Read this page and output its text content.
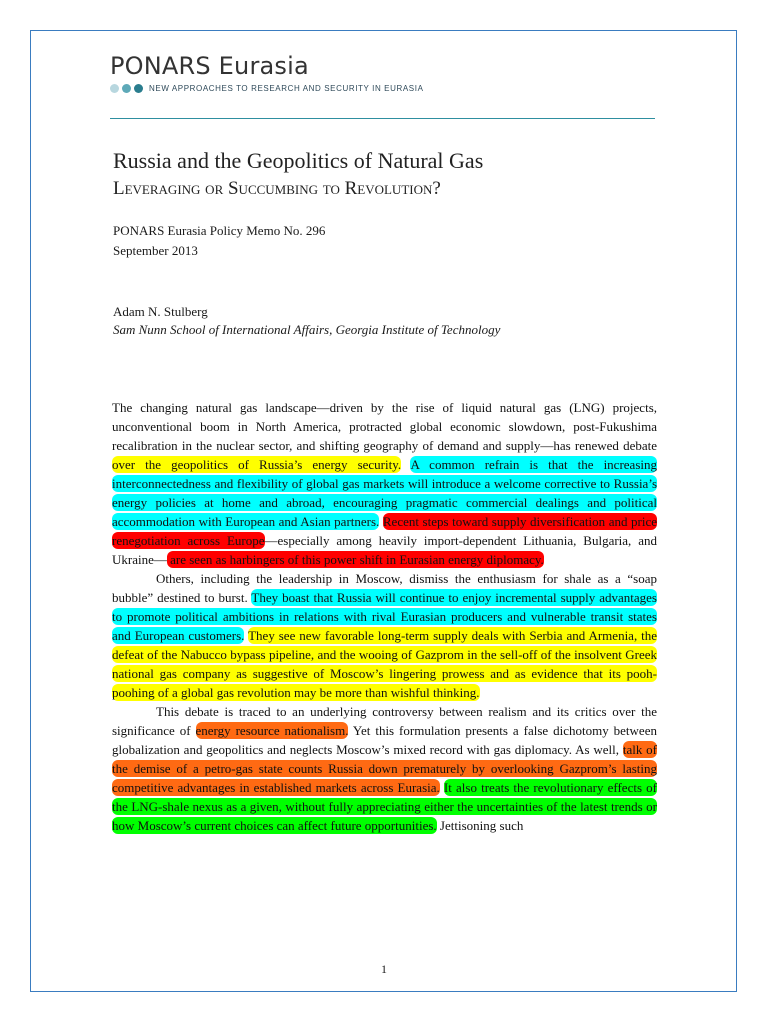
PONARS Eurasia
NEW APPROACHES TO RESEARCH AND SECURITY IN EURASIA
Russia and the Geopolitics of Natural Gas
Leveraging or Succumbing to Revolution?
PONARS Eurasia Policy Memo No. 296
September 2013
Adam N. Stulberg
Sam Nunn School of International Affairs, Georgia Institute of Technology

The changing natural gas landscape—driven by the rise of liquid natural gas (LNG) projects, unconventional boom in North America, protracted global economic slowdown, post-Fukushima recalibration in the nuclear sector, and shifting geography of demand and supply—has renewed debate over the geopolitics of Russia’s energy security. A common refrain is that the increasing interconnectedness and flexibility of global gas markets will introduce a welcome corrective to Russia’s energy policies at home and abroad, encouraging pragmatic commercial dealings and political accommodation with European and Asian partners. Recent steps toward supply diversification and price renegotiation across Europe—especially among heavily import-dependent Lithuania, Bulgaria, and Ukraine— are seen as harbingers of this power shift in Eurasian energy diplomacy.

Others, including the leadership in Moscow, dismiss the enthusiasm for shale as a “soap bubble” destined to burst. They boast that Russia will continue to enjoy incremental supply advantages to promote political ambitions in relations with rival Eurasian producers and vulnerable transit states and European customers. They see new favorable long-term supply deals with Serbia and Armenia, the defeat of the Nabucco bypass pipeline, and the wooing of Gazprom in the sell-off of the insolvent Greek national gas company as suggestive of Moscow’s lingering prowess and as evidence that its pooh-poohing of a global gas revolution may be more than wishful thinking.

This debate is traced to an underlying controversy between realism and its critics over the significance of energy resource nationalism. Yet this formulation presents a false dichotomy between globalization and geopolitics and neglects Moscow’s mixed record with gas diplomacy. As well, talk of the demise of a petro-gas state counts Russia down prematurely by overlooking Gazprom’s lasting competitive advantages in established markets across Eurasia. It also treats the revolutionary effects of the LNG-shale nexus as a given, without fully appreciating either the uncertainties of the latest trends or how Moscow’s current choices can affect future opportunities. Jettisoning such

1
